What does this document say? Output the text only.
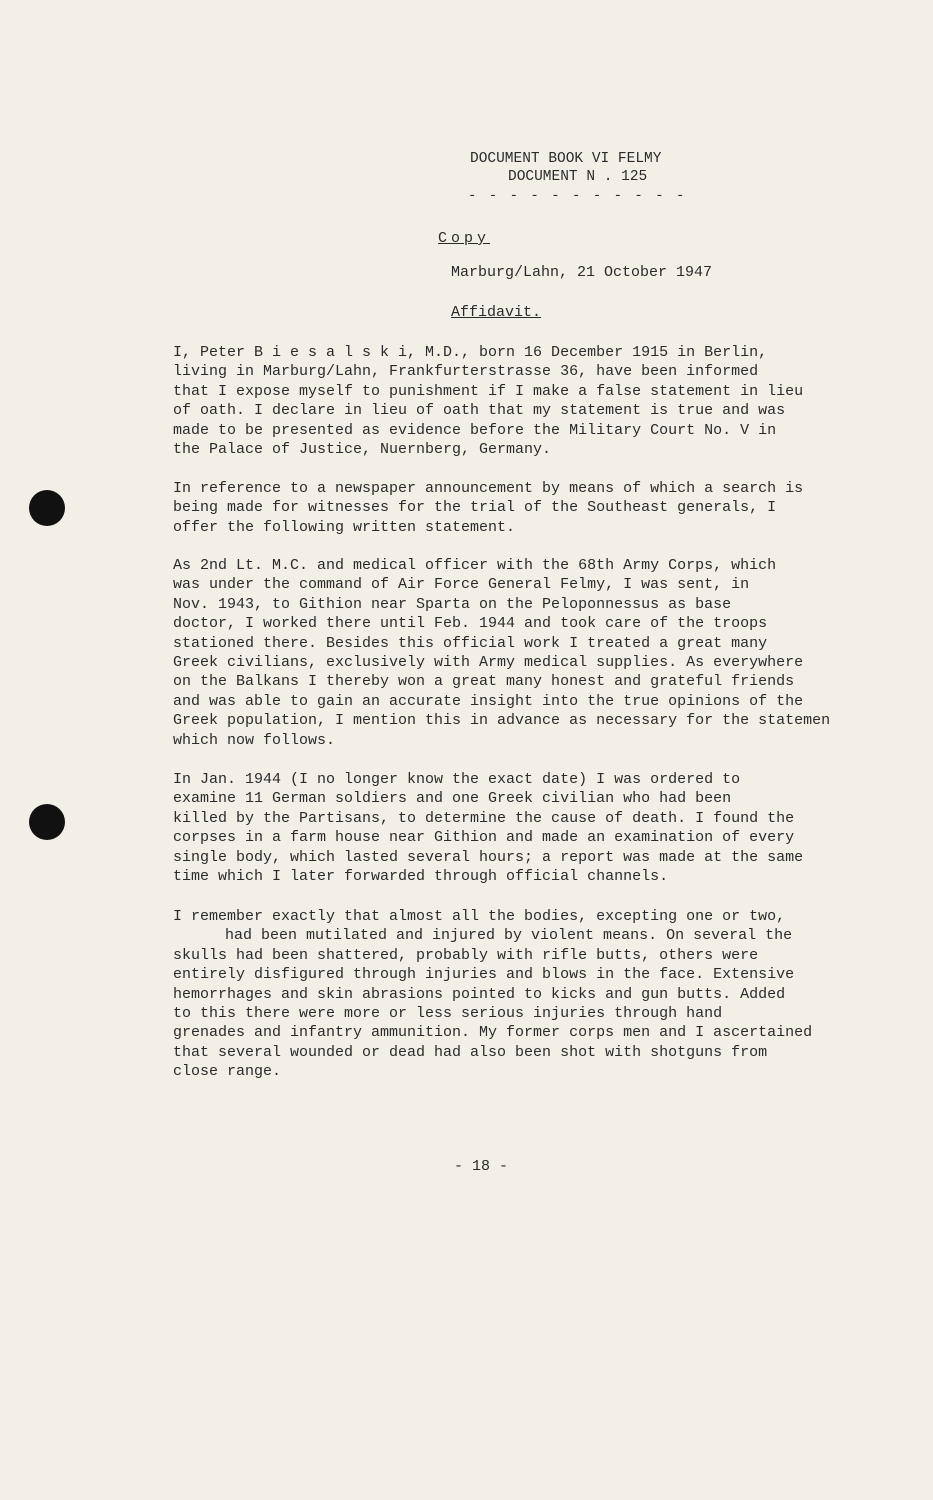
DOCUMENT BOOK VI FELMY
DOCUMENT N . 125
- - - - - - - - - - -
Copy
Marburg/Lahn, 21 October 1947
Affidavit.
I, Peter B i e s a l s k i, M.D., born 16 December 1915 in Berlin,
living in Marburg/Lahn, Frankfurterstrasse 36, have been informed
that I expose myself to punishment if I make a false statement in lieu
of oath. I declare in lieu of oath that my statement is true and was
made to be presented as evidence before the Military Court No. V in
the Palace of Justice, Nuernberg, Germany.
In reference to a newspaper announcement by means of which a search is
being made for witnesses for the trial of the Southeast generals, I
offer the following written statement.
As 2nd Lt. M.C. and medical officer with the 68th Army Corps, which
was under the command of Air Force General Felmy, I was sent, in
Nov. 1943, to Githion near Sparta on the Peloponnessus as base
doctor, I worked there until Feb. 1944 and took care of the troops
stationed there. Besides this official work I treated a great many
Greek civilians, exclusively with Army medical supplies. As everywhere
on the Balkans I thereby won a great many honest and grateful friends
and was able to gain an accurate insight into the true opinions of the
Greek population, I mention this in advance as necessary for the statemen
which now follows.
In Jan. 1944 (I no longer know the exact date) I was ordered to
examine 11 German soldiers and one Greek civilian who had been
killed by the Partisans, to determine the cause of death. I found the
corpses in a farm house near Githion and made an examination of every
single body, which lasted several hours; a report was made at the same
time which I later forwarded through official channels.
I remember exactly that almost all the bodies, excepting one or two,
had been mutilated and injured by violent means. On several the
skulls had been shattered, probably with rifle butts, others were
entirely disfigured through injuries and blows in the face. Extensive
hemorrhages and skin abrasions pointed to kicks and gun butts. Added
to this there were more or less serious injuries through hand
grenades and infantry ammunition. My former corps men and I ascertained
that several wounded or dead had also been shot with shotguns from
close range.
- 18 -
